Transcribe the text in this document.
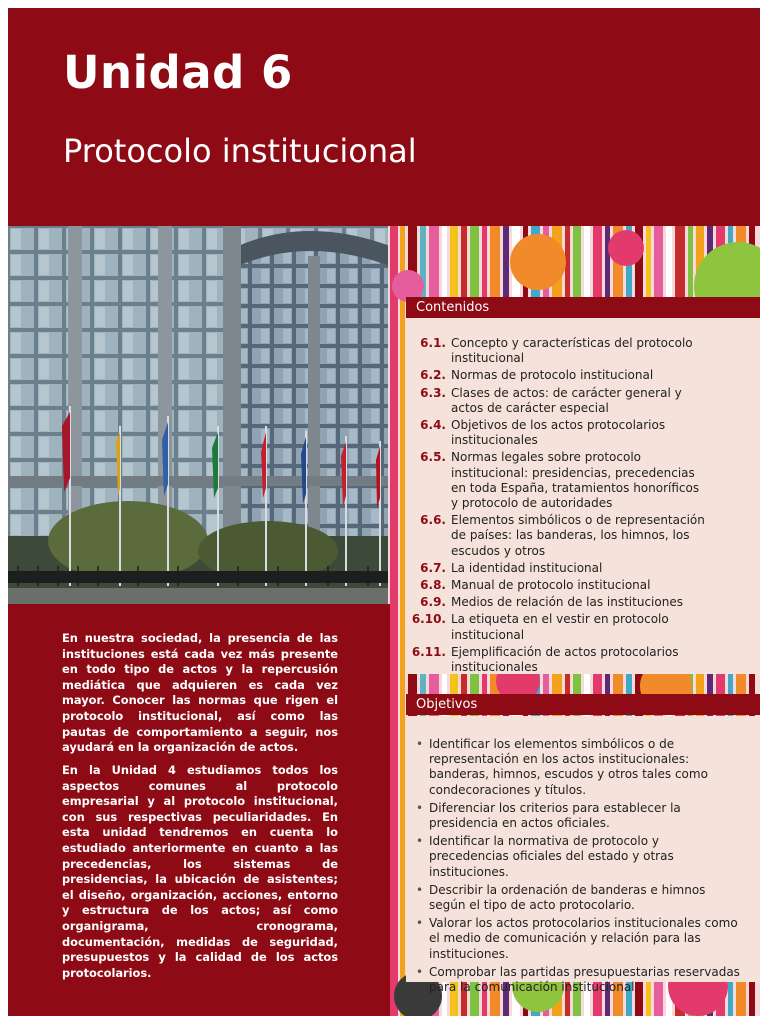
Unidad 6
Protocolo institucional

En nuestra sociedad, la presencia de las instituciones está cada vez más presente en todo tipo de actos y la repercusión mediática que adquieren es cada vez mayor. Conocer las normas que rigen el protocolo institucional, así como las pautas de comportamiento a seguir, nos ayudará en la organización de actos.

En la Unidad 4 estudiamos todos los aspectos comunes al protocolo empresarial y al protocolo institucional, con sus respectivas peculiaridades. En esta unidad tendremos en cuenta lo estudiado anteriormente en cuanto a las precedencias, los sistemas de presidencias, la ubicación de asistentes; el diseño, organización, acciones, entorno y estructura de los actos; así como organigrama, cronograma, documentación, medidas de seguridad, presupuestos y la calidad de los actos protocolarios.

Contenidos
6.1. Concepto y características del protocolo institucional
6.2. Normas de protocolo institucional
6.3. Clases de actos: de carácter general y actos de carácter especial
6.4. Objetivos de los actos protocolarios institucionales
6.5. Normas legales sobre protocolo institucional: presidencias, precedencias en toda España, tratamientos honoríficos y protocolo de autoridades
6.6. Elementos simbólicos o de representación de países: las banderas, los himnos, los escudos y otros
6.7. La identidad institucional
6.8. Manual de protocolo institucional
6.9. Medios de relación de las instituciones
6.10. La etiqueta en el vestir en protocolo institucional
6.11. Ejemplificación de actos protocolarios institucionales
Objetivos
• Identificar los elementos simbólicos o de representación en los actos institucionales: banderas, himnos, escudos y otros tales como condecoraciones y títulos.
• Diferenciar los criterios para establecer la presidencia en actos oficiales.
• Identificar la normativa de protocolo y precedencias oficiales del estado y otras instituciones.
• Describir la ordenación de banderas e himnos según el tipo de acto protocolario.
• Valorar los actos protocolarios institucionales como el medio de comunicación y relación para las instituciones.
• Comprobar las partidas presupuestarias reservadas para la comunicación institucional.
